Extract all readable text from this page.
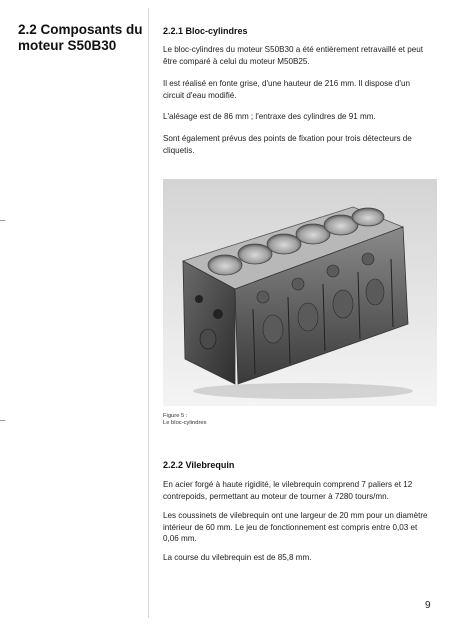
2.2 Composants du moteur S50B30
2.2.1 Bloc-cylindres

Le bloc-cylindres du moteur S50B30 a été entièrement retravaillé et peut être comparé à celui du moteur M50B25.

Il est réalisé en fonte grise, d'une hauteur de 216 mm. Il dispose d'un circuit d'eau modifié.

L'alésage est de 86 mm ; l'entraxe des cylindres de 91 mm.

Sont également prévus des points de fixation pour trois détecteurs de cliquetis.

Figure 5 :
Le bloc-cylindres
2.2.2 Vilebrequin

En acier forgé à haute rigidité, le vilebrequin comprend 7 paliers et 12 contrepoids, permettant au moteur de tourner à 7280 tours/mn.

Les coussinets de vilebrequin ont une largeur de 20 mm pour un diamètre intérieur de 60 mm. Le jeu de fonctionnement est compris entre 0,03 et 0,06 mm.

La course du vilebrequin est de 85,8 mm.

9
